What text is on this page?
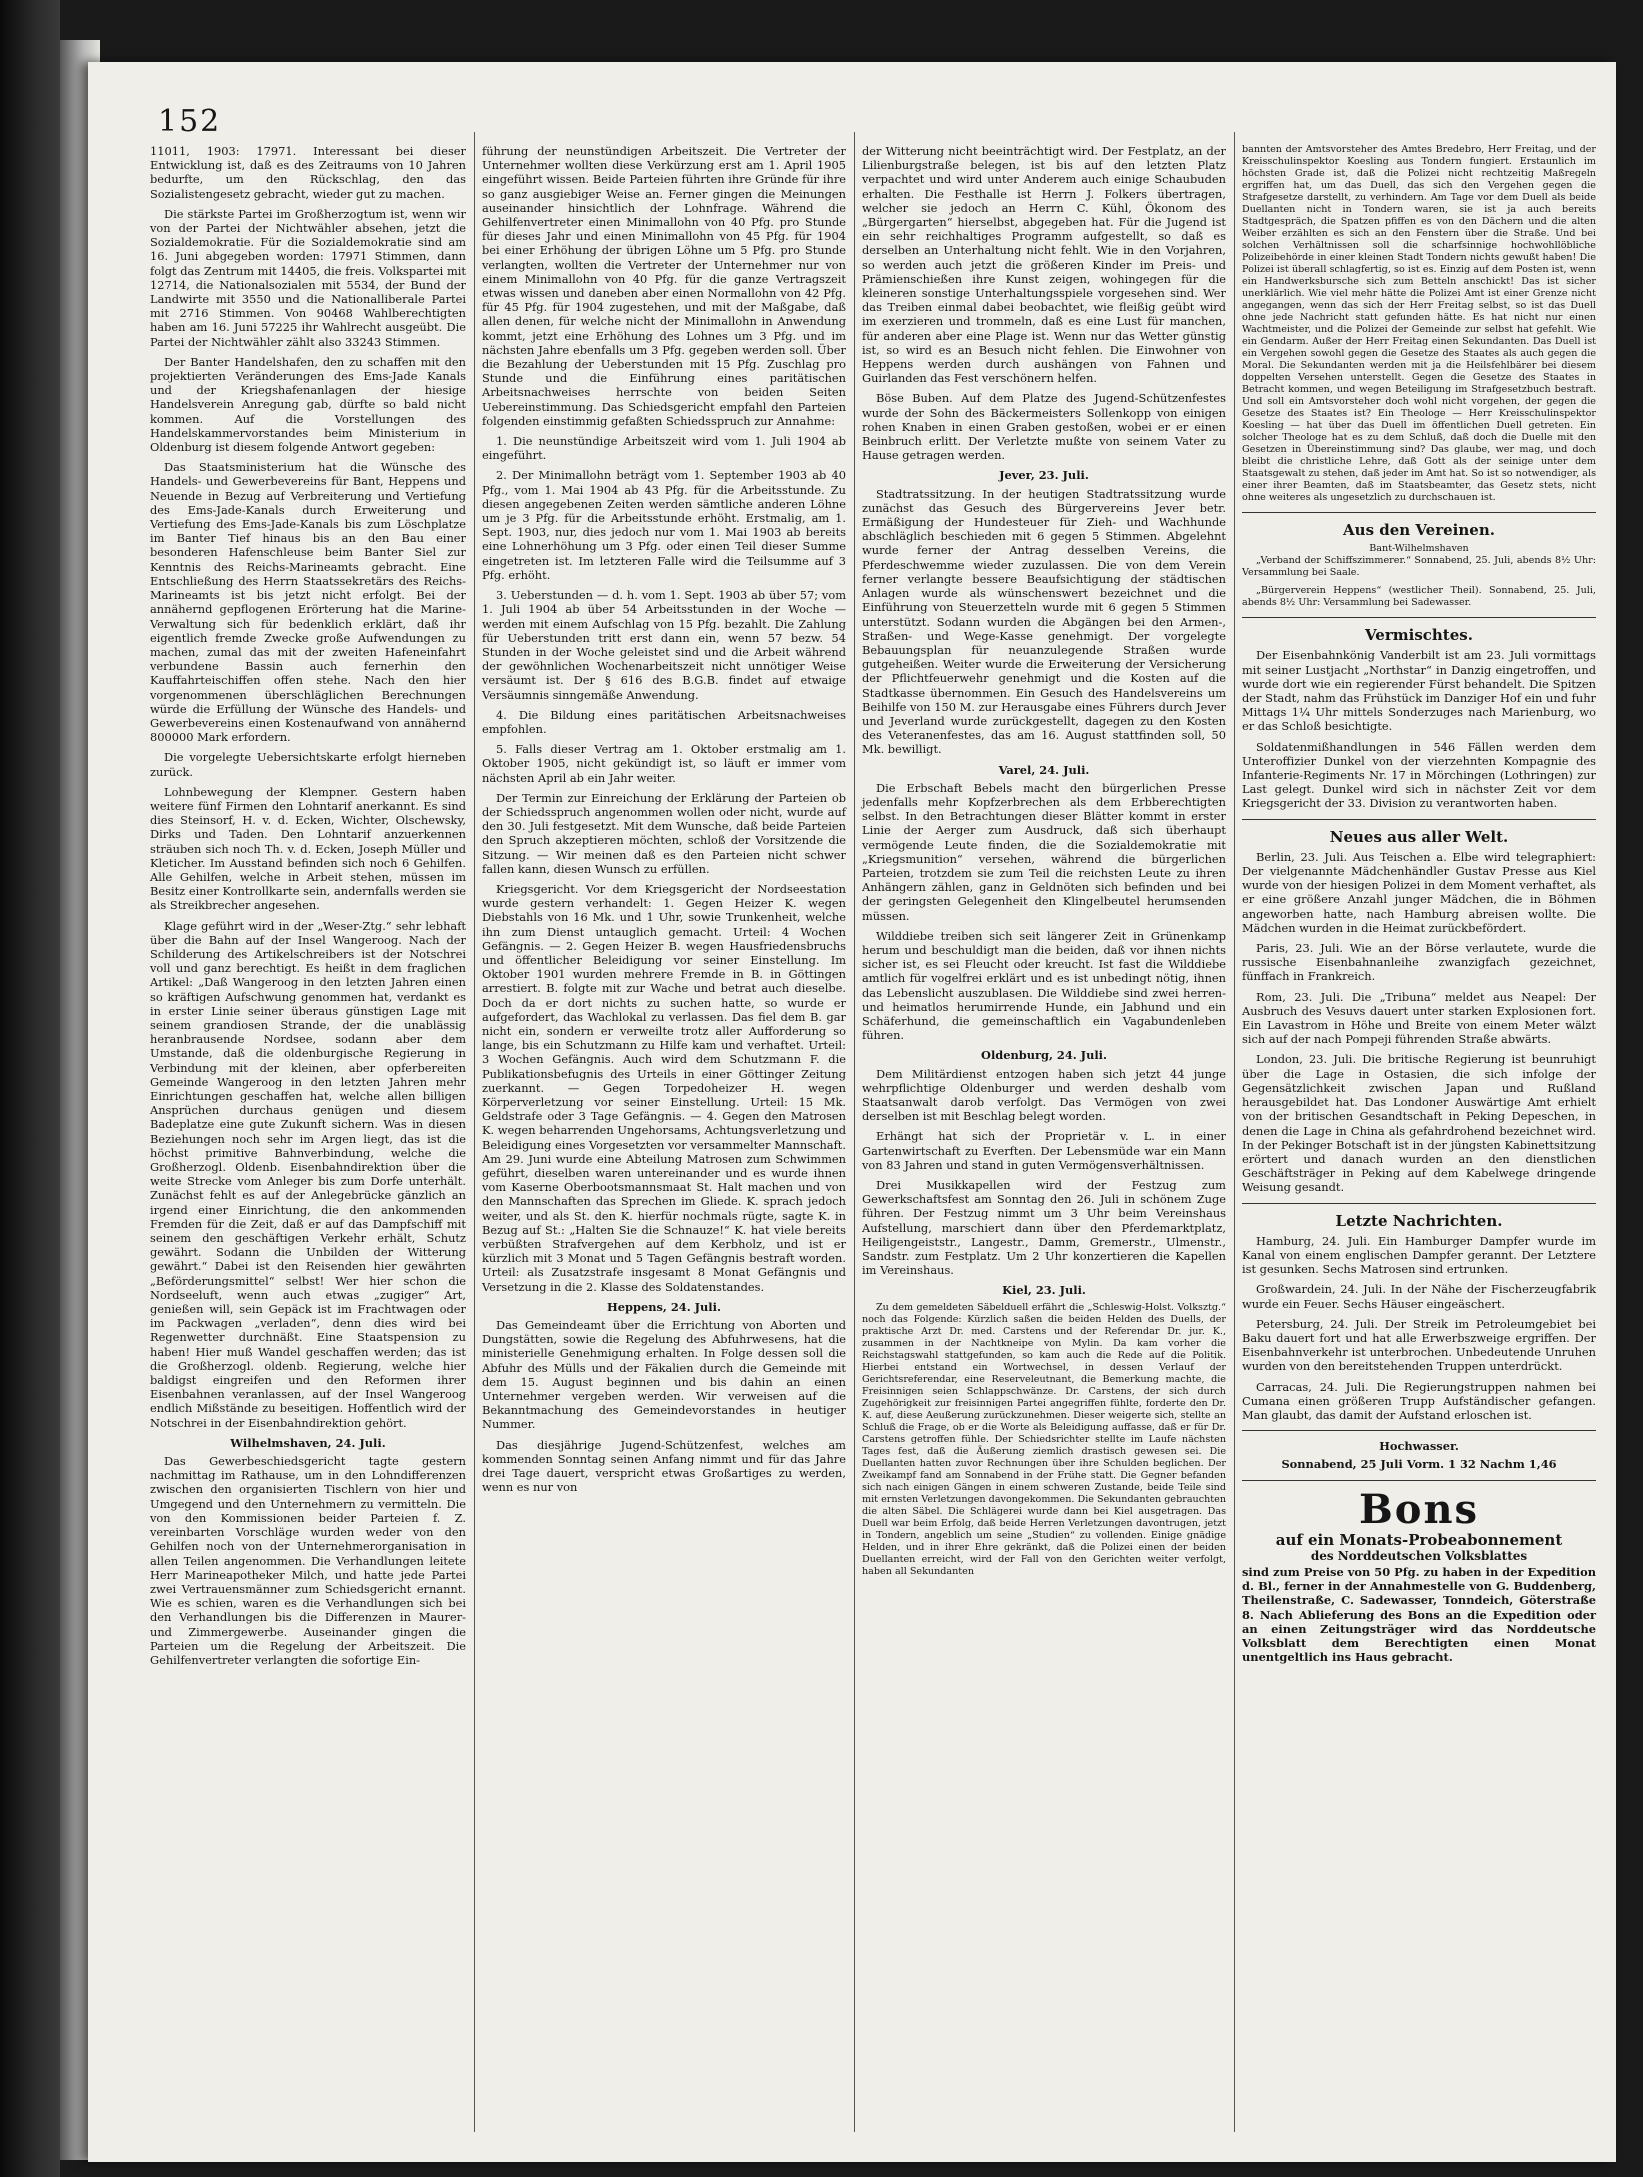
152

11011, 1903: 17971. Interessant bei dieser Entwicklung ist, daß es des Zeitraums von 10 Jahren bedurfte, um den Rückschlag, den das Sozialistengesetz gebracht, wieder gut zu machen.

Die stärkste Partei im Großherzogtum ist, wenn wir von der Partei der Nichtwähler absehen, jetzt die Sozialdemokratie. Für die Sozialdemokratie sind am 16. Juni abgegeben worden: 17971 Stimmen, dann folgt das Zentrum mit 14405, die freis. Volkspartei mit 12714, die Nationalsozialen mit 5534, der Bund der Landwirte mit 3550 und die Nationalliberale Partei mit 2716 Stimmen. Von 90468 Wahlberechtigten haben am 16. Juni 57225 ihr Wahlrecht ausgeübt. Die Partei der Nichtwähler zählt also 33243 Stimmen.

Der Banter Handelshafen, den zu schaffen mit den projektierten Veränderungen des Ems-Jade Kanals und der Kriegshafenanlagen der hiesige Handelsverein Anregung gab, dürfte so bald nicht kommen. Auf die Vorstellungen des Handelskammervorstandes beim Ministerium in Oldenburg ist diesem folgende Antwort gegeben:

Das Staatsministerium hat die Wünsche des Handels- und Gewerbevereins für Bant, Heppens und Neuende in Bezug auf Verbreiterung und Vertiefung des Ems-Jade-Kanals durch Erweiterung und Vertiefung des Ems-Jade-Kanals bis zum Löschplatze im Banter Tief hinaus bis an den Bau einer besonderen Hafenschleuse beim Banter Siel zur Kenntnis des Reichs-Marineamts gebracht. Eine Entschließung des Herrn Staatssekretärs des Reichs-Marineamts ist bis jetzt nicht erfolgt. Bei der annähernd gepflogenen Erörterung hat die Marine-Verwaltung sich für bedenklich erklärt, daß ihr eigentlich fremde Zwecke große Aufwendungen zu machen, zumal das mit der zweiten Hafeneinfahrt verbundene Bassin auch fernerhin den Kauffahrteischiffen offen stehe. Nach den hier vorgenommenen überschläglichen Berechnungen würde die Erfüllung der Wünsche des Handels- und Gewerbevereins einen Kostenaufwand von annähernd 800000 Mark erfordern.

Die vorgelegte Uebersichtskarte erfolgt hierneben zurück.

Lohnbewegung der Klempner. Gestern haben weitere fünf Firmen den Lohntarif anerkannt. Es sind dies Steinsorf, H. v. d. Ecken, Wichter, Olschewsky, Dirks und Taden. Den Lohntarif anzuerkennen sträuben sich noch Th. v. d. Ecken, Joseph Müller und Kleticher. Im Ausstand befinden sich noch 6 Gehilfen. Alle Gehilfen, welche in Arbeit stehen, müssen im Besitz einer Kontrollkarte sein, andernfalls werden sie als Streikbrecher angesehen.

Klage geführt wird in der „Weser-Ztg.“ sehr lebhaft über die Bahn auf der Insel Wangeroog. Nach der Schilderung des Artikelschreibers ist der Notschrei voll und ganz berechtigt. Es heißt in dem fraglichen Artikel: „Daß Wangeroog in den letzten Jahren einen so kräftigen Aufschwung genommen hat, verdankt es in erster Linie seiner überaus günstigen Lage mit seinem grandiosen Strande, der die unablässig heranbrausende Nordsee, sodann aber dem Umstande, daß die oldenburgische Regierung in Verbindung mit der kleinen, aber opferbereiten Gemeinde Wangeroog in den letzten Jahren mehr Einrichtungen geschaffen hat, welche allen billigen Ansprüchen durchaus genügen und diesem Badeplatze eine gute Zukunft sichern. Was in diesen Beziehungen noch sehr im Argen liegt, das ist die höchst primitive Bahnverbindung, welche die Großherzogl. Oldenb. Eisenbahndirektion über die weite Strecke vom Anleger bis zum Dorfe unterhält. Zunächst fehlt es auf der Anlegebrücke gänzlich an irgend einer Einrichtung, die den ankommenden Fremden für die Zeit, daß er auf das Dampfschiff mit seinem den geschäftigen Verkehr erhält, Schutz gewährt. Sodann die Unbilden der Witterung gewährt.“ Dabei ist den Reisenden hier gewährten „Beförderungsmittel“ selbst! Wer hier schon die Nordseeluft, wenn auch etwas „zugiger“ Art, genießen will, sein Gepäck ist im Frachtwagen oder im Packwagen „verladen“, denn dies wird bei Regenwetter durchnäßt. Eine Staatspension zu haben! Hier muß Wandel geschaffen werden; das ist die Großherzogl. oldenb. Regierung, welche hier baldigst eingreifen und den Reformen ihrer Eisenbahnen veranlassen, auf der Insel Wangeroog endlich Mißstände zu beseitigen. Hoffentlich wird der Notschrei in der Eisenbahndirektion gehört.

Wilhelmshaven, 24. Juli.

Das Gewerbeschiedsgericht tagte gestern nachmittag im Rathause, um in den Lohndifferenzen zwischen den organisierten Tischlern von hier und Umgegend und den Unternehmern zu vermitteln. Die von den Kommissionen beider Parteien f. Z. vereinbarten Vorschläge wurden weder von den Gehilfen noch von der Unternehmerorganisation in allen Teilen angenommen. Die Verhandlungen leitete Herr Marineapotheker Milch, und hatte jede Partei zwei Vertrauensmänner zum Schiedsgericht ernannt. Wie es schien, waren es die Verhandlungen sich bei den Verhandlungen bis die Differenzen in Maurer- und Zimmergewerbe. Auseinander gingen die Parteien um die Regelung der Arbeitszeit. Die Gehilfenvertreter verlangten die sofortige Ein-

führung der neunstündigen Arbeitszeit. Die Vertreter der Unternehmer wollten diese Verkürzung erst am 1. April 1905 eingeführt wissen. Beide Parteien führten ihre Gründe für ihre so ganz ausgiebiger Weise an. Ferner gingen die Meinungen auseinander hinsichtlich der Lohnfrage. Während die Gehilfenvertreter einen Minimallohn von 40 Pfg. pro Stunde für dieses Jahr und einen Minimallohn von 45 Pfg. für 1904 bei einer Erhöhung der übrigen Löhne um 5 Pfg. pro Stunde verlangten, wollten die Vertreter der Unternehmer nur von einem Minimallohn von 40 Pfg. für die ganze Vertragszeit etwas wissen und daneben aber einen Normallohn von 42 Pfg. für 45 Pfg. für 1904 zugestehen, und mit der Maßgabe, daß allen denen, für welche nicht der Minimallohn in Anwendung kommt, jetzt eine Erhöhung des Lohnes um 3 Pfg. und im nächsten Jahre ebenfalls um 3 Pfg. gegeben werden soll. Über die Bezahlung der Ueberstunden mit 15 Pfg. Zuschlag pro Stunde und die Einführung eines paritätischen Arbeitsnachweises herrschte von beiden Seiten Uebereinstimmung. Das Schiedsgericht empfahl den Parteien folgenden einstimmig gefaßten Schiedsspruch zur Annahme:

1. Die neunstündige Arbeitszeit wird vom 1. Juli 1904 ab eingeführt.

2. Der Minimallohn beträgt vom 1. September 1903 ab 40 Pfg., vom 1. Mai 1904 ab 43 Pfg. für die Arbeitsstunde. Zu diesen angegebenen Zeiten werden sämtliche anderen Löhne um je 3 Pfg. für die Arbeitsstunde erhöht. Erstmalig, am 1. Sept. 1903, nur, dies jedoch nur vom 1. Mai 1903 ab bereits eine Lohnerhöhung um 3 Pfg. oder einen Teil dieser Summe eingetreten ist. Im letzteren Falle wird die Teilsumme auf 3 Pfg. erhöht.

3. Ueberstunden — d. h. vom 1. Sept. 1903 ab über 57; vom 1. Juli 1904 ab über 54 Arbeitsstunden in der Woche — werden mit einem Aufschlag von 15 Pfg. bezahlt. Die Zahlung für Ueberstunden tritt erst dann ein, wenn 57 bezw. 54 Stunden in der Woche geleistet sind und die Arbeit während der gewöhnlichen Wochenarbeitszeit nicht unnötiger Weise versäumt ist. Der § 616 des B.G.B. findet auf etwaige Versäumnis sinngemäße Anwendung.

4. Die Bildung eines paritätischen Arbeitsnachweises empfohlen.

5. Falls dieser Vertrag am 1. Oktober erstmalig am 1. Oktober 1905, nicht gekündigt ist, so läuft er immer vom nächsten April ab ein Jahr weiter.

Der Termin zur Einreichung der Erklärung der Parteien ob der Schiedsspruch angenommen wollen oder nicht, wurde auf den 30. Juli festgesetzt. Mit dem Wunsche, daß beide Parteien den Spruch akzeptieren möchten, schloß der Vorsitzende die Sitzung. — Wir meinen daß es den Parteien nicht schwer fallen kann, diesen Wunsch zu erfüllen.

Kriegsgericht. Vor dem Kriegsgericht der Nordseestation wurde gestern verhandelt: 1. Gegen Heizer K. wegen Diebstahls von 16 Mk. und 1 Uhr, sowie Trunkenheit, welche ihn zum Dienst untauglich gemacht. Urteil: 4 Wochen Gefängnis. — 2. Gegen Heizer B. wegen Hausfriedensbruchs und öffentlicher Beleidigung vor seiner Einstellung. Im Oktober 1901 wurden mehrere Fremde in B. in Göttingen arrestiert. B. folgte mit zur Wache und betrat auch dieselbe. Doch da er dort nichts zu suchen hatte, so wurde er aufgefordert, das Wachlokal zu verlassen. Das fiel dem B. gar nicht ein, sondern er verweilte trotz aller Aufforderung so lange, bis ein Schutzmann zu Hilfe kam und verhaftet. Urteil: 3 Wochen Gefängnis. Auch wird dem Schutzmann F. die Publikationsbefugnis des Urteils in einer Göttinger Zeitung zuerkannt. — Gegen Torpedoheizer H. wegen Körperverletzung vor seiner Einstellung. Urteil: 15 Mk. Geldstrafe oder 3 Tage Gefängnis. — 4. Gegen den Matrosen K. wegen beharrenden Ungehorsams, Achtungsverletzung und Beleidigung eines Vorgesetzten vor versammelter Mannschaft. Am 29. Juni wurde eine Abteilung Matrosen zum Schwimmen geführt, dieselben waren untereinander und es wurde ihnen vom Kaserne Oberbootsmannsmaat St. Halt machen und von den Mannschaften das Sprechen im Gliede. K. sprach jedoch weiter, und als St. den K. hierfür nochmals rügte, sagte K. in Bezug auf St.: „Halten Sie die Schnauze!“ K. hat viele bereits verbüßten Strafvergehen auf dem Kerbholz, und ist er kürzlich mit 3 Monat und 5 Tagen Gefängnis bestraft worden. Urteil: als Zusatzstrafe insgesamt 8 Monat Gefängnis und Versetzung in die 2. Klasse des Soldatenstandes.

Heppens, 24. Juli.

Das Gemeindeamt über die Errichtung von Aborten und Dungstätten, sowie die Regelung des Abfuhrwesens, hat die ministerielle Genehmigung erhalten. In Folge dessen soll die Abfuhr des Mülls und der Fäkalien durch die Gemeinde mit dem 15. August beginnen und bis dahin an einen Unternehmer vergeben werden. Wir verweisen auf die Bekanntmachung des Gemeindevorstandes in heutiger Nummer.

Das diesjährige Jugend-Schützenfest, welches am kommenden Sonntag seinen Anfang nimmt und für das Jahre drei Tage dauert, verspricht etwas Großartiges zu werden, wenn es nur von

der Witterung nicht beeinträchtigt wird. Der Festplatz, an der Lilienburgstraße belegen, ist bis auf den letzten Platz verpachtet und wird unter Anderem auch einige Schaubuden erhalten. Die Festhalle ist Herrn J. Folkers übertragen, welcher sie jedoch an Herrn C. Kühl, Ökonom des „Bürgergarten“ hierselbst, abgegeben hat. Für die Jugend ist ein sehr reichhaltiges Programm aufgestellt, so daß es derselben an Unterhaltung nicht fehlt. Wie in den Vorjahren, so werden auch jetzt die größeren Kinder im Preis- und Prämienschießen ihre Kunst zeigen, wohingegen für die kleineren sonstige Unterhaltungsspiele vorgesehen sind. Wer das Treiben einmal dabei beobachtet, wie fleißig geübt wird im exerzieren und trommeln, daß es eine Lust für manchen, für anderen aber eine Plage ist. Wenn nur das Wetter günstig ist, so wird es an Besuch nicht fehlen. Die Einwohner von Heppens werden durch aushängen von Fahnen und Guirlanden das Fest verschönern helfen.

Böse Buben. Auf dem Platze des Jugend-Schützenfestes wurde der Sohn des Bäckermeisters Sollenkopp von einigen rohen Knaben in einen Graben gestoßen, wobei er er einen Beinbruch erlitt. Der Verletzte mußte von seinem Vater zu Hause getragen werden.

Jever, 23. Juli.

Stadtratssitzung. In der heutigen Stadtratssitzung wurde zunächst das Gesuch des Bürgervereins Jever betr. Ermäßigung der Hundesteuer für Zieh- und Wachhunde abschläglich beschieden mit 6 gegen 5 Stimmen. Abgelehnt wurde ferner der Antrag desselben Vereins, die Pferdeschwemme wieder zuzulassen. Die von dem Verein ferner verlangte bessere Beaufsichtigung der städtischen Anlagen wurde als wünschenswert bezeichnet und die Einführung von Steuerzetteln wurde mit 6 gegen 5 Stimmen unterstützt. Sodann wurden die Abgängen bei den Armen-, Straßen- und Wege-Kasse genehmigt. Der vorgelegte Bebauungsplan für neuanzulegende Straßen wurde gutgeheißen. Weiter wurde die Erweiterung der Versicherung der Pflichtfeuerwehr genehmigt und die Kosten auf die Stadtkasse übernommen. Ein Gesuch des Handelsvereins um Beihilfe von 150 M. zur Herausgabe eines Führers durch Jever und Jeverland wurde zurückgestellt, dagegen zu den Kosten des Veteranenfestes, das am 16. August stattfinden soll, 50 Mk. bewilligt.

Varel, 24. Juli.

Die Erbschaft Bebels macht den bürgerlichen Presse jedenfalls mehr Kopfzerbrechen als dem Erbberechtigten selbst. In den Betrachtungen dieser Blätter kommt in erster Linie der Aerger zum Ausdruck, daß sich überhaupt vermögende Leute finden, die die Sozialdemokratie mit „Kriegsmunition“ versehen, während die bürgerlichen Parteien, trotzdem sie zum Teil die reichsten Leute zu ihren Anhängern zählen, ganz in Geldnöten sich befinden und bei der geringsten Gelegenheit den Klingelbeutel herumsenden müssen.

Wilddiebe treiben sich seit längerer Zeit in Grünenkamp herum und beschuldigt man die beiden, daß vor ihnen nichts sicher ist, es sei Fleucht oder kreucht. Ist fast die Wilddiebe amtlich für vogelfrei erklärt und es ist unbedingt nötig, ihnen das Lebenslicht auszublasen. Die Wilddiebe sind zwei herren- und heimatlos herumirrende Hunde, ein Jabhund und ein Schäferhund, die gemeinschaftlich ein Vagabundenleben führen.

Oldenburg, 24. Juli.

Dem Militärdienst entzogen haben sich jetzt 44 junge wehrpflichtige Oldenburger und werden deshalb vom Staatsanwalt darob verfolgt. Das Vermögen von zwei derselben ist mit Beschlag belegt worden.

Erhängt hat sich der Proprietär v. L. in einer Gartenwirtschaft zu Everften. Der Lebensmüde war ein Mann von 83 Jahren und stand in guten Vermögensverhältnissen.

Drei Musikkapellen wird der Festzug zum Gewerkschaftsfest am Sonntag den 26. Juli in schönem Zuge führen. Der Festzug nimmt um 3 Uhr beim Vereinshaus Aufstellung, marschiert dann über den Pferdemarktplatz, Heiligengeiststr., Langestr., Damm, Gremerstr., Ulmenstr., Sandstr. zum Festplatz. Um 2 Uhr konzertieren die Kapellen im Vereinshaus.

Kiel, 23. Juli.

Zu dem gemeldeten Säbelduell erfährt die „Schleswig-Holst. Volksztg.“ noch das Folgende: Kürzlich saßen die beiden Helden des Duells, der praktische Arzt Dr. med. Carstens und der Referendar Dr. jur. K., zusammen in der Nachtkneipe von Mylin. Da kam vorher die Reichstagswahl stattgefunden, so kam auch die Rede auf die Politik. Hierbei entstand ein Wortwechsel, in dessen Verlauf der Gerichtsreferendar, eine Reserveleutnant, die Bemerkung machte, die Freisinnigen seien Schlappschwänze. Dr. Carstens, der sich durch Zugehörigkeit zur freisinnigen Partei angegriffen fühlte, forderte den Dr. K. auf, diese Aeußerung zurückzunehmen. Dieser weigerte sich, stellte an Schluß die Frage, ob er die Worte als Beleidigung auffasse, daß er für Dr. Carstens getroffen fühle. Der Schiedsrichter stellte im Laufe nächsten Tages fest, daß die Äußerung ziemlich drastisch gewesen sei. Die Duellanten hatten zuvor Rechnungen über ihre Schulden beglichen. Der Zweikampf fand am Sonnabend in der Frühe statt. Die Gegner befanden sich nach einigen Gängen in einem schweren Zustande, beide Teile sind mit ernsten Verletzungen davongekommen. Die Sekundanten gebrauchten die alten Säbel. Die Schlägerei wurde dann bei Kiel ausgetragen. Das Duell war beim Erfolg, daß beide Herren Verletzungen davontrugen, jetzt in Tondern, angeblich um seine „Studien“ zu vollenden. Einige gnädige Helden, und in ihrer Ehre gekränkt, daß die Polizei einen der beiden Duellanten erreicht, wird der Fall von den Gerichten weiter verfolgt, haben all Sekundanten

bannten der Amtsvorsteher des Amtes Bredebro, Herr Freitag, und der Kreisschulinspektor Koesling aus Tondern fungiert. Erstaunlich im höchsten Grade ist, daß die Polizei nicht rechtzeitig Maßregeln ergriffen hat, um das Duell, das sich den Vergehen gegen die Strafgesetze darstellt, zu verhindern. Am Tage vor dem Duell als beide Duellanten nicht in Tondern waren, sie ist ja auch bereits Stadtgespräch, die Spatzen pfiffen es von den Dächern und die alten Weiber erzählten es sich an den Fenstern über die Straße. Und bei solchen Verhältnissen soll die scharfsinnige hochwohllöbliche Polizeibehörde in einer kleinen Stadt Tondern nichts gewußt haben! Die Polizei ist überall schlagfertig, so ist es. Einzig auf dem Posten ist, wenn ein Handwerksbursche sich zum Betteln anschickt! Das ist sicher unerklärlich. Wie viel mehr hätte die Polizei Amt ist einer Grenze nicht angegangen, wenn das sich der Herr Freitag selbst, so ist das Duell ohne jede Nachricht statt gefunden hätte. Es hat nicht nur einen Wachtmeister, und die Polizei der Gemeinde zur selbst hat gefehlt. Wie ein Gendarm. Außer der Herr Freitag einen Sekundanten. Das Duell ist ein Vergehen sowohl gegen die Gesetze des Staates als auch gegen die Moral. Die Sekundanten werden mit ja die Heilsfehlbärer bei diesem doppelten Versehen unterstellt. Gegen die Gesetze des Staates in Betracht kommen, und wegen Beteiligung im Strafgesetzbuch bestraft. Und soll ein Amtsvorsteher doch wohl nicht vorgehen, der gegen die Gesetze des Staates ist? Ein Theologe — Herr Kreisschulinspektor Koesling — hat über das Duell im öffentlichen Duell getreten. Ein solcher Theologe hat es zu dem Schluß, daß doch die Duelle mit den Gesetzen in Übereinstimmung sind? Das glaube, wer mag, und doch bleibt die christliche Lehre, daß Gott als der seinige unter dem Staatsgewalt zu stehen, daß jeder im Amt hat. So ist so notwendiger, als einer ihrer Beamten, daß im Staatsbeamter, das Gesetz stets, nicht ohne weiteres als ungesetzlich zu durchschauen ist.

Aus den Vereinen.
Bant-Wilhelmshaven

„Verband der Schiffszimmerer.“ Sonnabend, 25. Juli, abends 8½ Uhr: Versammlung bei Saale.

„Bürgerverein Heppens“ (westlicher Theil). Sonnabend, 25. Juli, abends 8½ Uhr: Versammlung bei Sadewasser.

Vermischtes.

Der Eisenbahnkönig Vanderbilt ist am 23. Juli vormittags mit seiner Lustjacht „Northstar“ in Danzig eingetroffen, und wurde dort wie ein regierender Fürst behandelt. Die Spitzen der Stadt, nahm das Frühstück im Danziger Hof ein und fuhr Mittags 1¼ Uhr mittels Sonderzuges nach Marienburg, wo er das Schloß besichtigte.

Soldatenmißhandlungen in 546 Fällen werden dem Unteroffizier Dunkel von der vierzehnten Kompagnie des Infanterie-Regiments Nr. 17 in Mörchingen (Lothringen) zur Last gelegt. Dunkel wird sich in nächster Zeit vor dem Kriegsgericht der 33. Division zu verantworten haben.

Neues aus aller Welt.

Berlin, 23. Juli. Aus Teischen a. Elbe wird telegraphiert: Der vielgenannte Mädchenhändler Gustav Presse aus Kiel wurde von der hiesigen Polizei in dem Moment verhaftet, als er eine größere Anzahl junger Mädchen, die in Böhmen angeworben hatte, nach Hamburg abreisen wollte. Die Mädchen wurden in die Heimat zurückbefördert.

Paris, 23. Juli. Wie an der Börse verlautete, wurde die russische Eisenbahnanleihe zwanzigfach gezeichnet, fünffach in Frankreich.

Rom, 23. Juli. Die „Tribuna“ meldet aus Neapel: Der Ausbruch des Vesuvs dauert unter starken Explosionen fort. Ein Lavastrom in Höhe und Breite von einem Meter wälzt sich auf der nach Pompeji führenden Straße abwärts.

London, 23. Juli. Die britische Regierung ist beunruhigt über die Lage in Ostasien, die sich infolge der Gegensätzlichkeit zwischen Japan und Rußland herausgebildet hat. Das Londoner Auswärtige Amt erhielt von der britischen Gesandtschaft in Peking Depeschen, in denen die Lage in China als gefahrdrohend bezeichnet wird. In der Pekinger Botschaft ist in der jüngsten Kabinettsitzung erörtert und danach wurden an den dienstlichen Geschäftsträger in Peking auf dem Kabelwege dringende Weisung gesandt.

Letzte Nachrichten.

Hamburg, 24. Juli. Ein Hamburger Dampfer wurde im Kanal von einem englischen Dampfer gerannt. Der Letztere ist gesunken. Sechs Matrosen sind ertrunken.

Großwardein, 24. Juli. In der Nähe der Fischerzeugfabrik wurde ein Feuer. Sechs Häuser eingeäschert.

Petersburg, 24. Juli. Der Streik im Petroleumgebiet bei Baku dauert fort und hat alle Erwerbszweige ergriffen. Der Eisenbahnverkehr ist unterbrochen. Unbedeutende Unruhen wurden von den bereitstehenden Truppen unterdrückt.

Carracas, 24. Juli. Die Regierungstruppen nahmen bei Cumana einen größeren Trupp Aufständischer gefangen. Man glaubt, das damit der Aufstand erloschen ist.

Hochwasser.
Sonnabend, 25 Juli Vorm. 1 32 Nachm 1,46
Bons
auf ein Monats-Probeabonnement
des Norddeutschen Volksblattes

sind zum Preise von 50 Pfg. zu haben in der Expedition d. Bl., ferner in der Annahmestelle von G. Buddenberg, Theilenstraße, C. Sadewasser, Tonndeich, Göterstraße 8. Nach Ablieferung des Bons an die Expedition oder an einen Zeitungsträger wird das Norddeutsche Volksblatt dem Berechtigten einen Monat unentgeltlich ins Haus gebracht.
